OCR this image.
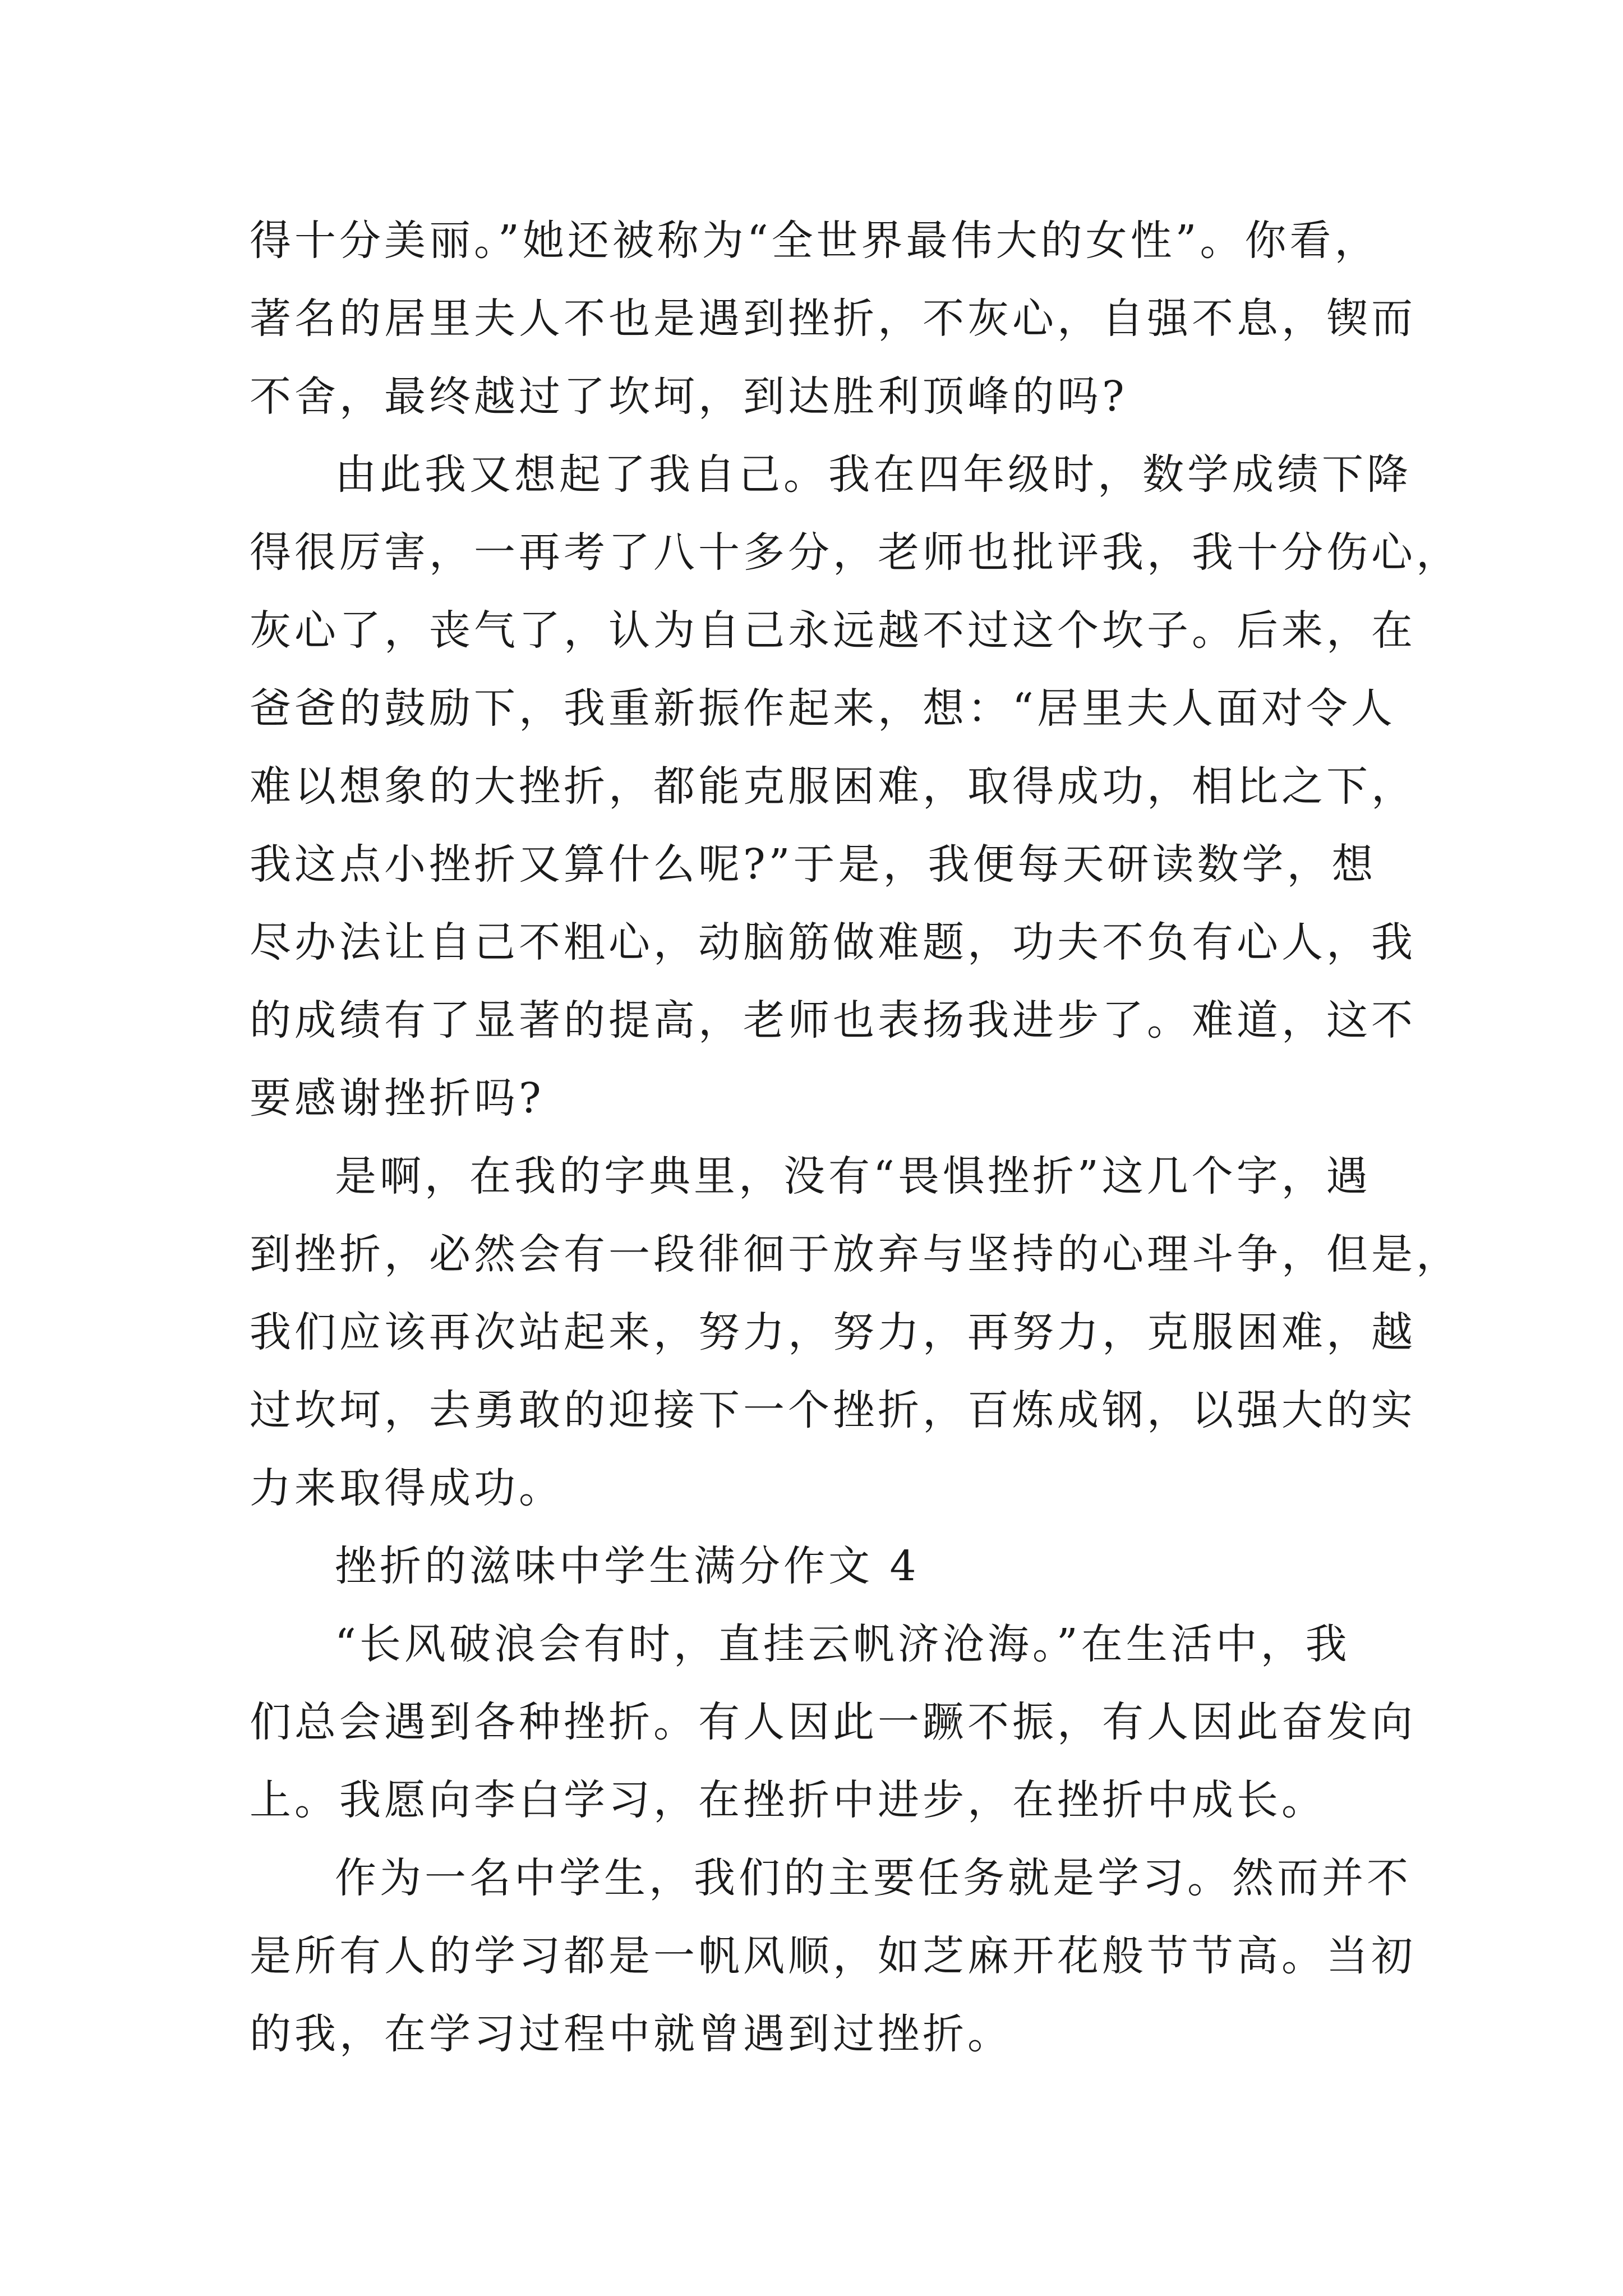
得十分美丽。”她还被称为“全世界最伟大的女性”。你看，
著名的居里夫人不也是遇到挫折，不灰心，自强不息，锲而
不舍，最终越过了坎坷，到达胜利顶峰的吗?
由此我又想起了我自己。我在四年级时，数学成绩下降
得很厉害，一再考了八十多分，老师也批评我，我十分伤心，
灰心了，丧气了，认为自己永远越不过这个坎子。后来，在
爸爸的鼓励下，我重新振作起来，想：“居里夫人面对令人
难以想象的大挫折，都能克服困难，取得成功，相比之下，
我这点小挫折又算什么呢?”于是，我便每天研读数学，想
尽办法让自己不粗心，动脑筋做难题，功夫不负有心人，我
的成绩有了显著的提高，老师也表扬我进步了。难道，这不
要感谢挫折吗?
是啊，在我的字典里，没有“畏惧挫折”这几个字，遇
到挫折，必然会有一段徘徊于放弃与坚持的心理斗争，但是，
我们应该再次站起来，努力，努力，再努力，克服困难，越
过坎坷，去勇敢的迎接下一个挫折，百炼成钢，以强大的实
力来取得成功。
挫折的滋味中学生满分作文 4
“长风破浪会有时，直挂云帆济沧海。”在生活中，我
们总会遇到各种挫折。有人因此一蹶不振，有人因此奋发向
上。我愿向李白学习，在挫折中进步，在挫折中成长。
作为一名中学生，我们的主要任务就是学习。然而并不
是所有人的学习都是一帆风顺，如芝麻开花般节节高。当初
的我，在学习过程中就曾遇到过挫折。
